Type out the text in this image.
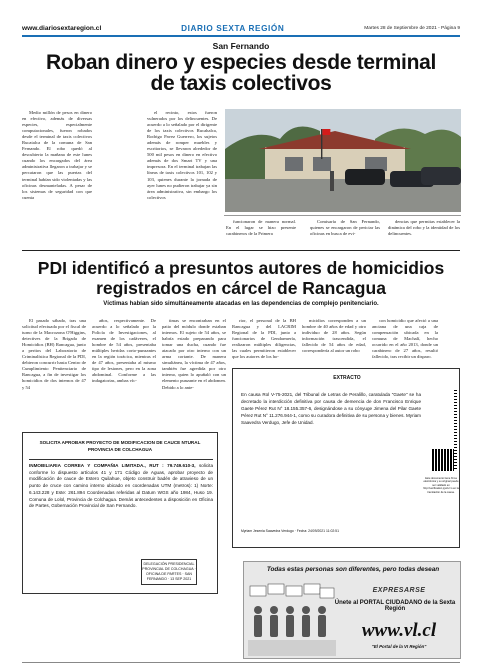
www.diariosextaregion.cl	DIARIO SEXTA REGIÓN	Martes 28 de Septiembre de 2021 - Página 9
San Fernando
Roban dinero y especies desde terminal
de taxis colectivos

Medio millón de pesos en dinero en efectivo, además de diversas especies, especialmente computacionales, fueron robados desde el terminal de taxis colectivos Rucatalca de la comuna de San Fernando. El robo quedó al descubierto la mañana de este lunes cuando los encargados del área administrativa llegaron a trabajar y se percataron que las puertas del terminal habían sido violentadas y las oficinas desmanteladas. A pesar de los sistemas de seguridad con que cuenta

el recinto, estos fueron vulnerados por los delincuentes. De acuerdo a lo señalado por el dirigente de los taxis colectivos Rucahalca, Rodrigo Pavez Guerrero, los sujetos además de romper muebles y escritorios, se llevaron alrededor de 500 mil pesos en dinero en efectivo además de dos Smart TV y una impresora. En el terminal trabajan las líneas de taxis colectivos 101, 102 y 103, quienes durante la jornada de ayer lunes no pudieron trabajar ya sin área administrativa, sin embargo los colectivos

funcionaron de manera normal. En el lugar se hizo presente carabineros de la Primera

Comisaría de San Fernando, quienes se encargaron de periciar las oficinas en busca de evi-

dencias que permitas establecer la dinámica del robo y la identidad de los delincuentes.

PDI identificó a presuntos autores de homicidios
registrados en cárcel de Rancagua
Víctimas habían sido simultáneamente atacadas en las dependencias de complejo penitenciario.

El pasado sábado, tras una solicitud efectuada por el fiscal de turno de la Macrozona O'Higgins, detectives de la Brigada de Homicidios (BH) Rancagua, junto a peritos del Laboratorio de Criminalística Regional de la PDI, debieron concurrir hasta Centro de Cumplimiento Penitenciario de Rancagua, a fin de investigar los homicidios de dos internos de 47 y 54

años, respectivamente. De acuerdo a lo señalado por la Policía de Investigaciones, al examen de los cadáveres, el hombre de 54 años, presentaba múltiples heridas corto-punzantes en la región torácica, mientras el de 47 años, presentaba al mismo tipo de lesiones, pero en la zona abdominal. Conforme a las indagatorias, ambas víc-

timas se encontraban en el patio del módulo donde estaban internos. El sujeto de 54 años, se habría estado preparando para tomar una ducha, cuando fue atacado por otro interno con un arma cortante. De manera simultánea, la víctima de 47 años, también fue agredida por otro interno, quien lo apuñaló con un elemento punzante en el abdomen. Debido a lo ante-

rior, el personal de la BH Rancagua y del LACRIM Regional de la PDI, junto a funcionarios de Gendarmería, realizaron múltiples diligencias, las cuales permitieron establecer que los autores de los ho-

micidios corresponden a un hombre de 40 años de edad y otro individuo de 28 años. Según información trascendida, el fallecido de 54 años de edad, correspondería al autor un robo

con homicidio que afectó a una anciana de una caja de compensación ubicada en la comuna de Machalí, hecho ocurrido en el año 2013, donde un carabinero de 27 años, resultó fallecido, tras recibir un disparo.

SOLICITA APROBAR PROYECTO DE MODIFICACION DE CAUCE NTURAL
PROVINCIA DE COLCHAGUA
INMOBILIARIA CORREA Y COMPAÑIA LIMITADA., RUT : 79.749.610-3, solicita conforme lo dispuesto artículos 41 y 171 Código de Aguas, aprobar proyecto de modificación de cauce de Estero Quilahue, objeto construir badén de atravieso de un punto de cruce con camino interno ubicado en coordenadas UTM (metros): 1) Norte: 6.143.228 y Este: 261.894 Coordenadas referidas al Datum WGS año 1984, Huso 19. Comuna de Lolol, Provincia de Colchagua. Demás antecedentes a disposición en Oficina de Partes, Gobernación Provincial de San Fernando.
DELEGACIÓN PRESIDENCIAL PROVINCIAL DE COLCHAGUA · OFICINA DE PARTES · SAN FERNANDO · 13 SEP 2021
EXTRACTO
En causa Rol V-75-2021, del Tribunal de Letras de Peralillo, caratulada "Gaete" se ha decretado la interdicción definitiva por causa de demencia de don Francisco Enrique Gaete Pérez Rut N° 18.155.357-6, designándose a su cónyuge Jimena del Pilar Gaete Pérez Rut N° 11.276.944-1, como su curadora definitiva de su persona y bienes. Myriam Saavedra Verdugo, Jefe de Unidad.
Myriam Jesenia Saavedra Verdugo · Fecha: 24/09/2021 11:02:51
Este documento tiene firma electrónica y su original puede ser validado en http://verificadoc.pjud.cl o en la tramitación de la causa.
Todas estas personas son diferentes, pero todas desean
EXPRESARSE
Únete al PORTAL CIUDADANO de la Sexta Región
www.vl.cl
"El Portal de la VI Región"
